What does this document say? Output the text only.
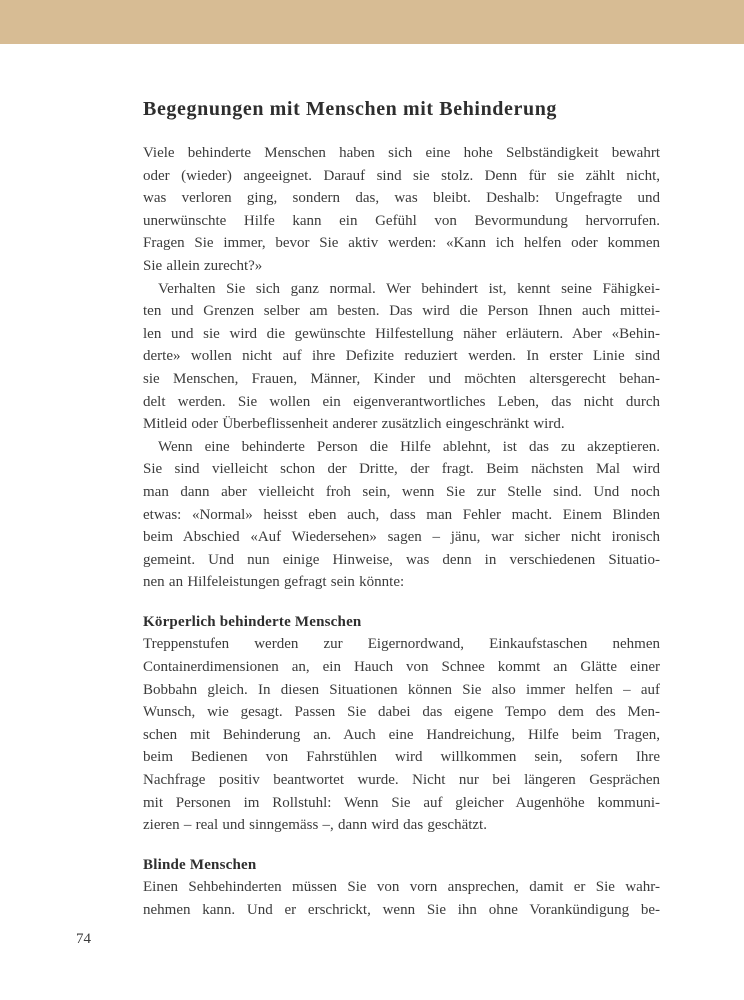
Begegnungen mit Menschen mit Behinderung
Viele behinderte Menschen haben sich eine hohe Selbständigkeit bewahrt
oder (wieder) angeeignet. Darauf sind sie stolz. Denn für sie zählt nicht,
was verloren ging, sondern das, was bleibt. Deshalb: Ungefragte und
unerwünschte Hilfe kann ein Gefühl von Bevormundung hervorrufen.
Fragen Sie immer, bevor Sie aktiv werden: «Kann ich helfen oder kommen
Sie allein zurecht?»
Verhalten Sie sich ganz normal. Wer behindert ist, kennt seine Fähigkei-
ten und Grenzen selber am besten. Das wird die Person Ihnen auch mittei-
len und sie wird die gewünschte Hilfestellung näher erläutern. Aber «Behin-
derte» wollen nicht auf ihre Defizite reduziert werden. In erster Linie sind
sie Menschen, Frauen, Männer, Kinder und möchten altersgerecht behan-
delt werden. Sie wollen ein eigenverantwortliches Leben, das nicht durch
Mitleid oder Überbeflissenheit anderer zusätzlich eingeschränkt wird.
Wenn eine behinderte Person die Hilfe ablehnt, ist das zu akzeptieren.
Sie sind vielleicht schon der Dritte, der fragt. Beim nächsten Mal wird
man dann aber vielleicht froh sein, wenn Sie zur Stelle sind. Und noch
etwas: «Normal» heisst eben auch, dass man Fehler macht. Einem Blinden
beim Abschied «Auf Wiedersehen» sagen – jänu, war sicher nicht ironisch
gemeint. Und nun einige Hinweise, was denn in verschiedenen Situatio-
nen an Hilfeleistungen gefragt sein könnte:
Körperlich behinderte Menschen
Treppenstufen werden zur Eigernordwand, Einkaufstaschen nehmen
Containerdimensionen an, ein Hauch von Schnee kommt an Glätte einer
Bobbahn gleich. In diesen Situationen können Sie also immer helfen – auf
Wunsch, wie gesagt. Passen Sie dabei das eigene Tempo dem des Men-
schen mit Behinderung an. Auch eine Handreichung, Hilfe beim Tragen,
beim Bedienen von Fahrstühlen wird willkommen sein, sofern Ihre
Nachfrage positiv beantwortet wurde. Nicht nur bei längeren Gesprächen
mit Personen im Rollstuhl: Wenn Sie auf gleicher Augenhöhe kommuni-
zieren – real und sinngemäss –, dann wird das geschätzt.
Blinde Menschen
Einen Sehbehinderten müssen Sie von vorn ansprechen, damit er Sie wahr-
nehmen kann. Und er erschrickt, wenn Sie ihn ohne Vorankündigung be-
74
